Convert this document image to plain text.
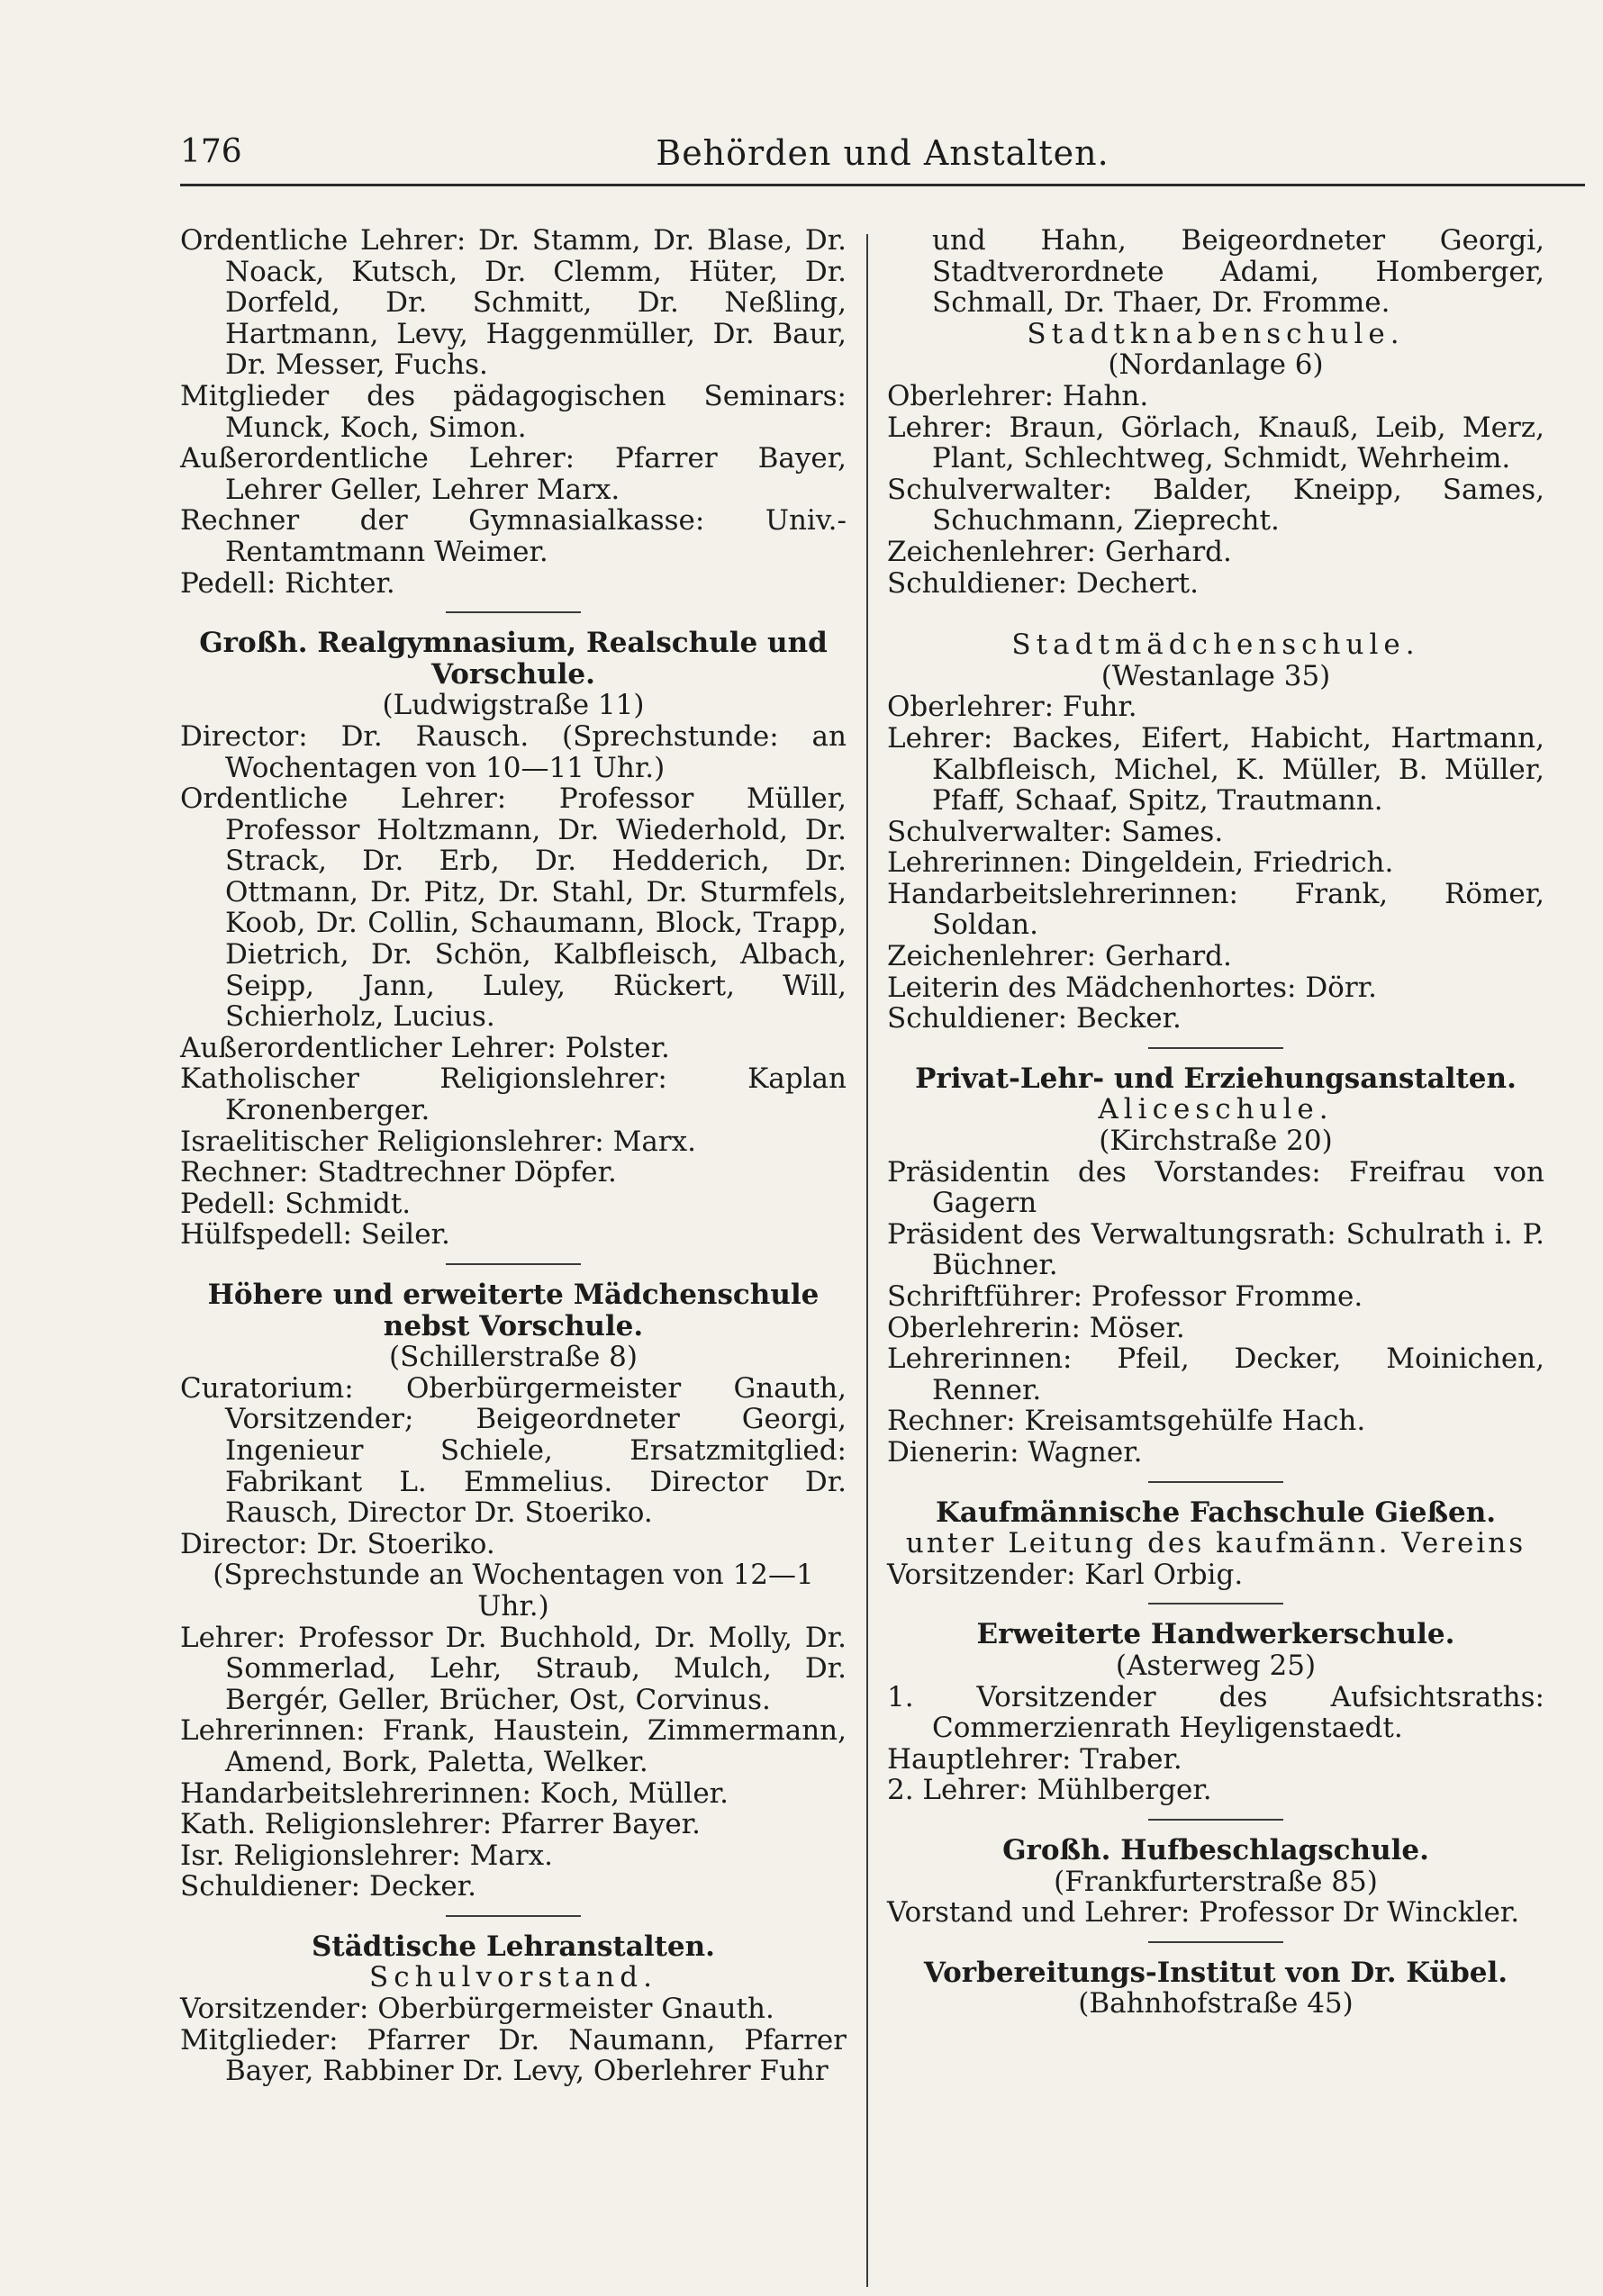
176	Behörden und Anstalten.

Ordentliche Lehrer: Dr. Stamm, Dr. Blase, Dr. Noack, Kutsch, Dr. Clemm, Hüter, Dr. Dorfeld, Dr. Schmitt, Dr. Neßling, Hartmann, Levy, Haggenmüller, Dr. Baur, Dr. Messer, Fuchs.

Mitglieder des pädagogischen Seminars: Munck, Koch, Simon.

Außerordentliche Lehrer: Pfarrer Bayer, Lehrer Geller, Lehrer Marx.

Rechner der Gymnasialkasse: Univ.-Rentamtmann Weimer.

Pedell: Richter.

Großh. Realgymnasium, Realschule und Vorschule.

(Ludwigstraße 11)

Director: Dr. Rausch. (Sprechstunde: an Wochentagen von 10—11 Uhr.)

Ordentliche Lehrer: Professor Müller, Professor Holtzmann, Dr. Wiederhold, Dr. Strack, Dr. Erb, Dr. Hedderich, Dr. Ottmann, Dr. Pitz, Dr. Stahl, Dr. Sturmfels, Koob, Dr. Collin, Schaumann, Block, Trapp, Dietrich, Dr. Schön, Kalbfleisch, Albach, Seipp, Jann, Luley, Rückert, Will, Schierholz, Lucius.

Außerordentlicher Lehrer: Polster.

Katholischer Religionslehrer: Kaplan Kronenberger.

Israelitischer Religionslehrer: Marx.

Rechner: Stadtrechner Döpfer.

Pedell: Schmidt.

Hülfspedell: Seiler.

Höhere und erweiterte Mädchenschule nebst Vorschule.

(Schillerstraße 8)

Curatorium: Oberbürgermeister Gnauth, Vorsitzender; Beigeordneter Georgi, Ingenieur Schiele, Ersatzmitglied: Fabrikant L. Emmelius. Director Dr. Rausch, Director Dr. Stoeriko.

Director: Dr. Stoeriko.

(Sprechstunde an Wochentagen von 12—1 Uhr.)

Lehrer: Professor Dr. Buchhold, Dr. Molly, Dr. Sommerlad, Lehr, Straub, Mulch, Dr. Bergér, Geller, Brücher, Ost, Corvinus.

Lehrerinnen: Frank, Haustein, Zimmermann, Amend, Bork, Paletta, Welker.

Handarbeitslehrerinnen: Koch, Müller.

Kath. Religionslehrer: Pfarrer Bayer.

Isr. Religionslehrer: Marx.

Schuldiener: Decker.

Städtische Lehranstalten.

Schulvorstand.

Vorsitzender: Oberbürgermeister Gnauth.

Mitglieder: Pfarrer Dr. Naumann, Pfarrer Bayer, Rabbiner Dr. Levy, Oberlehrer Fuhr

und Hahn, Beigeordneter Georgi, Stadtverordnete Adami, Homberger, Schmall, Dr. Thaer, Dr. Fromme.

Stadtknabenschule.

(Nordanlage 6)

Oberlehrer: Hahn.

Lehrer: Braun, Görlach, Knauß, Leib, Merz, Plant, Schlechtweg, Schmidt, Wehrheim.

Schulverwalter: Balder, Kneipp, Sames, Schuchmann, Zieprecht.

Zeichenlehrer: Gerhard.

Schuldiener: Dechert.

Stadtmädchenschule.

(Westanlage 35)

Oberlehrer: Fuhr.

Lehrer: Backes, Eifert, Habicht, Hartmann, Kalbfleisch, Michel, K. Müller, B. Müller, Pfaff, Schaaf, Spitz, Trautmann.

Schulverwalter: Sames.

Lehrerinnen: Dingeldein, Friedrich.

Handarbeitslehrerinnen: Frank, Römer, Soldan.

Zeichenlehrer: Gerhard.

Leiterin des Mädchenhortes: Dörr.

Schuldiener: Becker.

Privat-Lehr- und Erziehungsanstalten.

Aliceschule.

(Kirchstraße 20)

Präsidentin des Vorstandes: Freifrau von Gagern

Präsident des Verwaltungsrath: Schulrath i. P. Büchner.

Schriftführer: Professor Fromme.

Oberlehrerin: Möser.

Lehrerinnen: Pfeil, Decker, Moinichen, Renner.

Rechner: Kreisamtsgehülfe Hach.

Dienerin: Wagner.

Kaufmännische Fachschule Gießen.

unter Leitung des kaufmänn. Vereins

Vorsitzender: Karl Orbig.

Erweiterte Handwerkerschule.

(Asterweg 25)

1. Vorsitzender des Aufsichtsraths: Commerzienrath Heyligenstaedt.

Hauptlehrer: Traber.

2. Lehrer: Mühlberger.

Großh. Hufbeschlagschule.

(Frankfurterstraße 85)

Vorstand und Lehrer: Professor Dr Winckler.

Vorbereitungs-Institut von Dr. Kübel.

(Bahnhofstraße 45)
